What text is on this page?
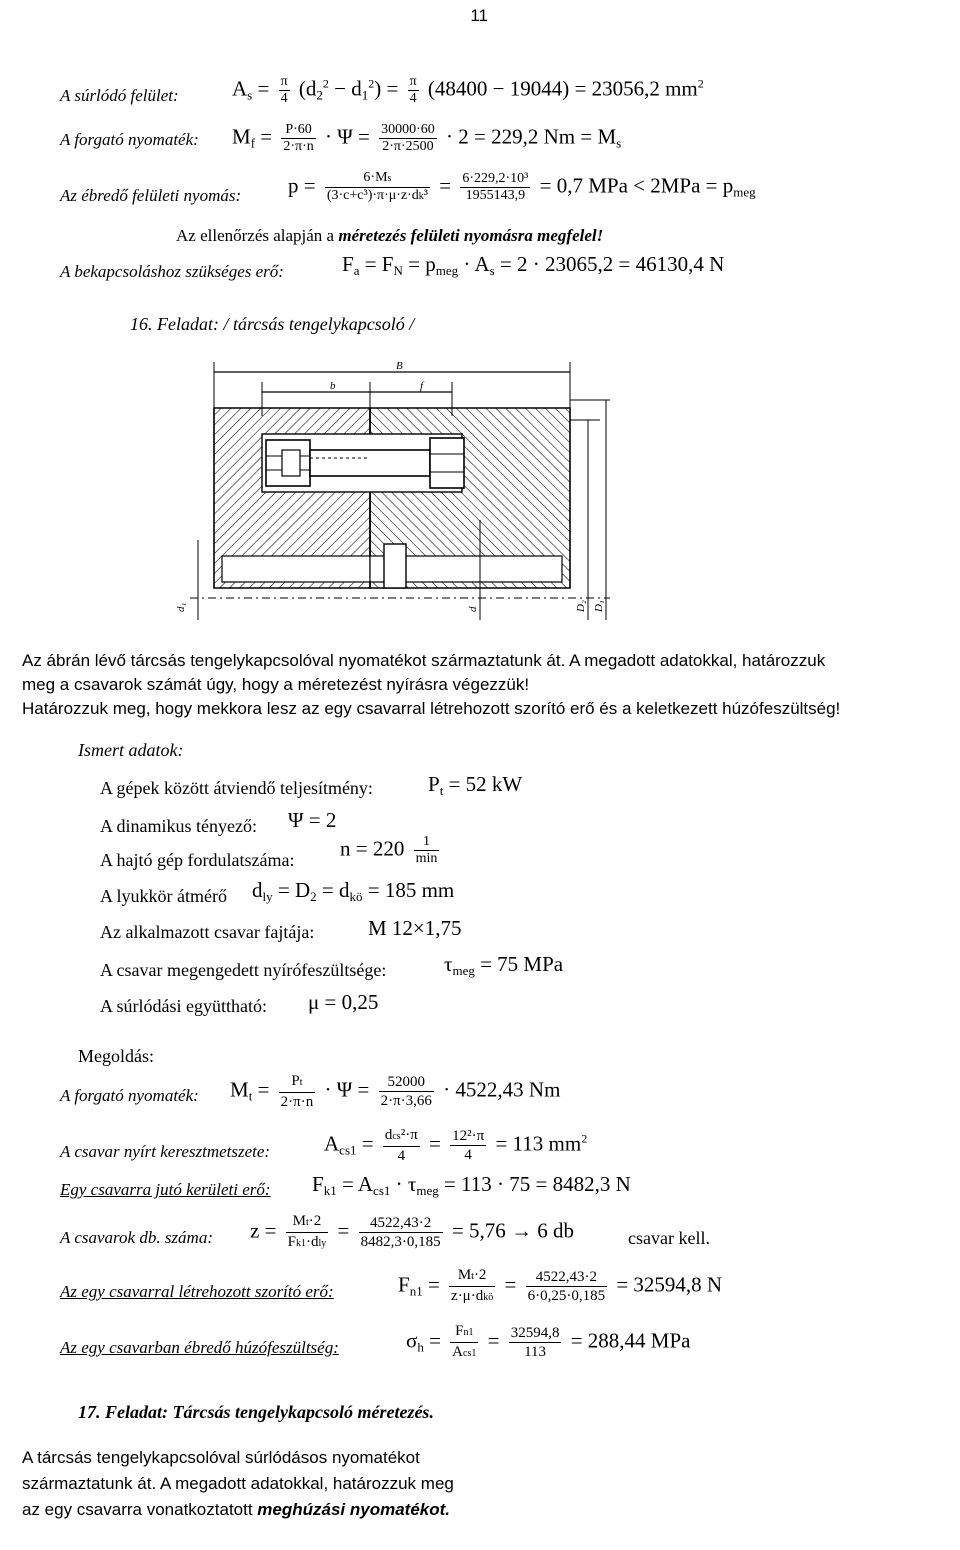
11
A súrlódó felület:	$A_s = \frac{\pi}{4} (d_2^2 - d_1^2) = \frac{\pi}{4} (48400 - 19044) = 23056,2$ $mm^2$
A forgató nyomaték: $M_f = \frac{P\cdot 60}{2\cdot\pi\cdot n} \cdot \Psi = \frac{30000\cdot 60}{2\cdot\pi\cdot 2500} \cdot 2 = 229,2$ $Nm = M_s$
Az ébredő felületi nyomás: $p = \frac{6\cdot Ms}{\text{(3·c+c³)·π·μ·z·dk³}} = \frac{\text{6·229,2·10³}}{1955143,9} = 0,7$ MPa < $2MPa = p_{meg}$
Az ellenőrzés alapján a méretezés felületi nyomásra megfelel!
A bekapcsoláshoz szükséges erő:	$F_a = F_N = p_{meg} \cdot A_s = 2 \cdot 23065,2 = 46130,4$ N
16. Feladat: / tárcsás tengelykapcsoló /
B
b	f
d₁	d	D₂ D₁
Az ábrán lévő tárcsás tengelykapcsolóval nyomatékot származtatunk át. A megadott adatokkal, határozzuk
meg a csavarok számát úgy, hogy a méretezést nyírásra végezzük!
Határozzuk meg, hogy mekkora lesz az egy csavarral létrehozott szorító erő és a keletkezett húzófeszültség!
Ismert adatok:
A gépek között átviendő teljesítmény:	$P_t = 52$ kW
A dinamikus tényező: Ψ = 2
A hajtó gép fordulatszáma: $n = 220 \frac{1}{\min}$
A lyukkör átmérő $d_{ly} = D_2 = d_{kö} = 185$ mm
Az alkalmazott csavar fajtája:	M 12×1,75
A csavar megengedett nyírófeszültsége:	$\tau_{meg} = 75$ MPa
A súrlódási együttható: μ = 0,25
Megoldás:
A forgató nyomaték: $M_t = \frac{Pt}{2\cdot\pi\cdot n} \cdot \Psi = \frac{52000}{2\cdot\pi\cdot 3,66} \cdot 4522,43$ Nm
A csavar nyírt keresztmetszete:	$A_{cs1} = \frac{\text{dcs²·π}}{4} = \frac{\text{12²·π}}{4} = 113$ $mm^2$
Egy csavarra jutó kerületi erő: $F_{k1} = A_{cs1} \cdot \tau_{meg} = 113 \cdot 75 = 8482,3$ N
A csavarok db. száma: $z = \frac{Mt\cdot 2}{\text{Fk1·dly}} = \frac{4522,43\cdot 2}{8482,3\cdot 0,185} = 5,76 \to 6$ db	csavar kell.
Az egy csavarral létrehozott szorító erő:	$F_{n1} = \frac{Mt\cdot 2}{\text{z·μ·dkö}} = \frac{4522,43\cdot 2}{6\cdot 0,25\cdot 0,185} = 32594,8$ N
Az egy csavarban ébredő húzófeszültség:	$\sigma_h = \frac{Fn1}{\text{Acs1}} = \frac{32594,8}{113} = 288,44$ MPa
17. Feladat: Tárcsás tengelykapcsoló méretezés.
A tárcsás tengelykapcsolóval súrlódásos nyomatékot
származtatunk át. A megadott adatokkal, határozzuk meg
az egy csavarra vonatkoztatott meghúzási nyomatékot.
